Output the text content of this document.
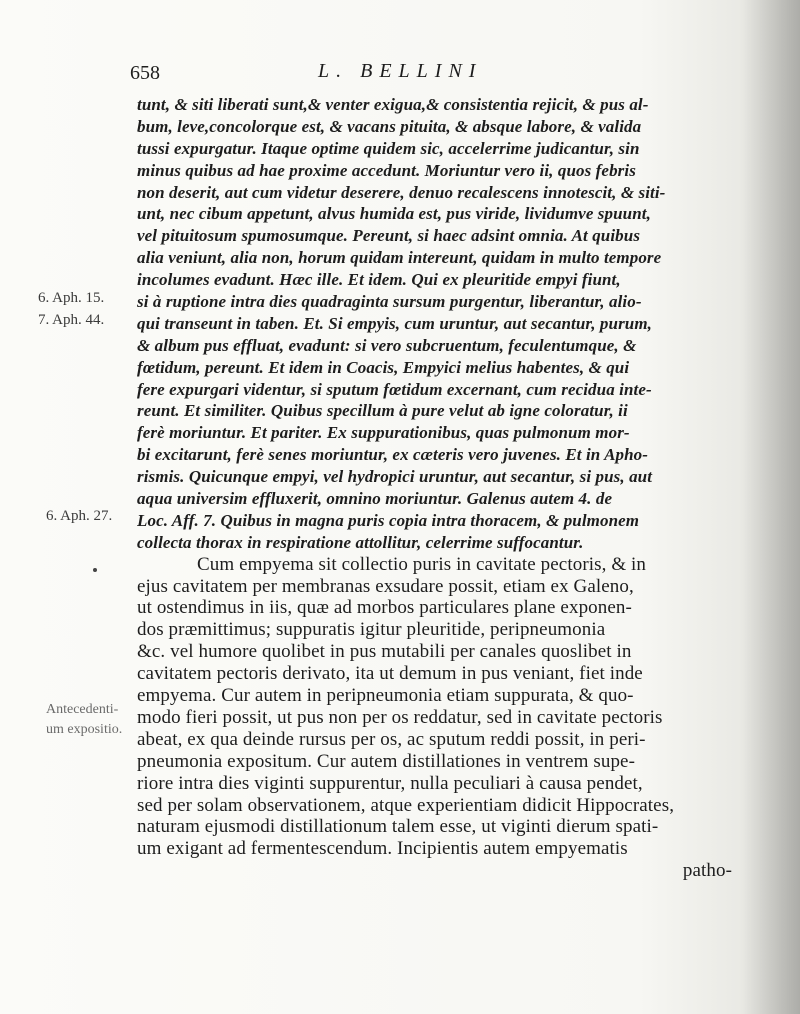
658	L. BELLINI
tunt, & siti liberati sunt,& venter exigua,& consistentia rejicit, & pus al-
bum, leve,concolorque est, & vacans pituita, & absque labore, & valida
tussi expurgatur. Itaque optime quidem sic, accelerrime judicantur, sin
minus quibus ad hae proxime accedunt. Moriuntur vero ii, quos febris
non deserit, aut cum videtur deserere, denuo recalescens innotescit, & siti-
unt, nec cibum appetunt, alvus humida est, pus viride, lividumve spuunt,
vel pituitosum spumosumque. Pereunt, si haec adsint omnia. At quibus
alia veniunt, alia non, horum quidam intereunt, quidam in multo tempore
incolumes evadunt. Hæc ille. Et idem. Qui ex pleuritide empyi fiunt,
si à ruptione intra dies quadraginta sursum purgentur, liberantur, alio-
qui transeunt in taben. Et. Si empyis, cum uruntur, aut secantur, purum,
& album pus effluat, evadunt: si vero subcruentum, feculentumque, &
fœtidum, pereunt. Et idem in Coacis, Empyici melius habentes, & qui
fere expurgari videntur, si sputum fœtidum excernant, cum recidua inte-
reunt. Et similiter. Quibus specillum à pure velut ab igne coloratur, ii
ferè moriuntur. Et pariter. Ex suppurationibus, quas pulmonum mor-
bi excitarunt, ferè senes moriuntur, ex cæteris vero juvenes. Et in Apho-
rismis. Quicunque empyi, vel hydropici uruntur, aut secantur, si pus, aut
aqua universim effluxerit, omnino moriuntur. Galenus autem 4. de
Loc. Aff. 7. Quibus in magna puris copia intra thoracem, & pulmonem
collecta thorax in respiratione attollitur, celerrime suffocantur.
Cum empyema sit collectio puris in cavitate pectoris, & in
ejus cavitatem per membranas exsudare possit, etiam ex Galeno,
ut ostendimus in iis, quæ ad morbos particulares plane exponen-
dos præmittimus; suppuratis igitur pleuritide, peripneumonia
&c. vel humore quolibet in pus mutabili per canales quoslibet in
cavitatem pectoris derivato, ita ut demum in pus veniant, fiet inde
empyema. Cur autem in peripneumonia etiam suppurata, & quo-
modo fieri possit, ut pus non per os reddatur, sed in cavitate pectoris
abeat, ex qua deinde rursus per os, ac sputum reddi possit, in peri-
pneumonia expositum. Cur autem distillationes in ventrem supe-
riore intra dies viginti suppurentur, nulla peculiari à causa pendet,
sed per solam observationem, atque experientiam didicit Hippocrates,
naturam ejusmodi distillationum talem esse, ut viginti dierum spati-
um exigant ad fermentescendum. Incipientis autem empyematis
patho-
6. Aph. 15.
7. Aph. 44.
6. Aph. 27.
Antecedenti-
um expositio.
